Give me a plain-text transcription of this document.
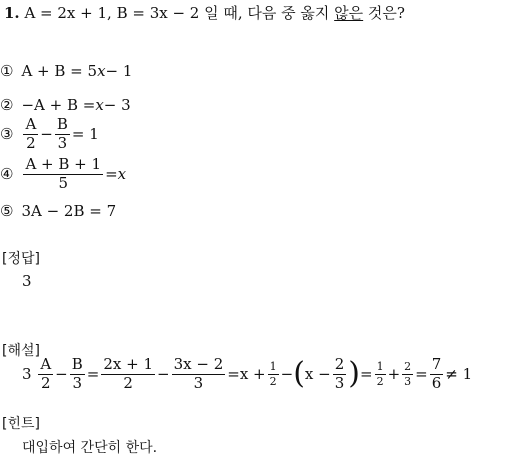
1. A = 2x + 1, B = 3x − 2 일 때, 다음 중 옳지 않은 것은?
① A + B = 5 x − 1
② −A + B = x − 3
③ $\frac{A}{2} - \frac{B}{3} = 1$
④ $\frac{A + B + 1}{5} = x$
⑤ 3A − 2B = 7
[정답]
3
[해설]
3
$\frac{A}{2} - \frac{B}{3} = \frac{2x + 1}{2} - \frac{3x - 2}{3} = x + \frac{1}{2}$ − ( $x - \frac{2}{3}$ ) = $\frac{1}{2} + \frac{2}{3} = \frac{7}{6} \ne 1$
[힌트]
대입하여 간단히 한다.
